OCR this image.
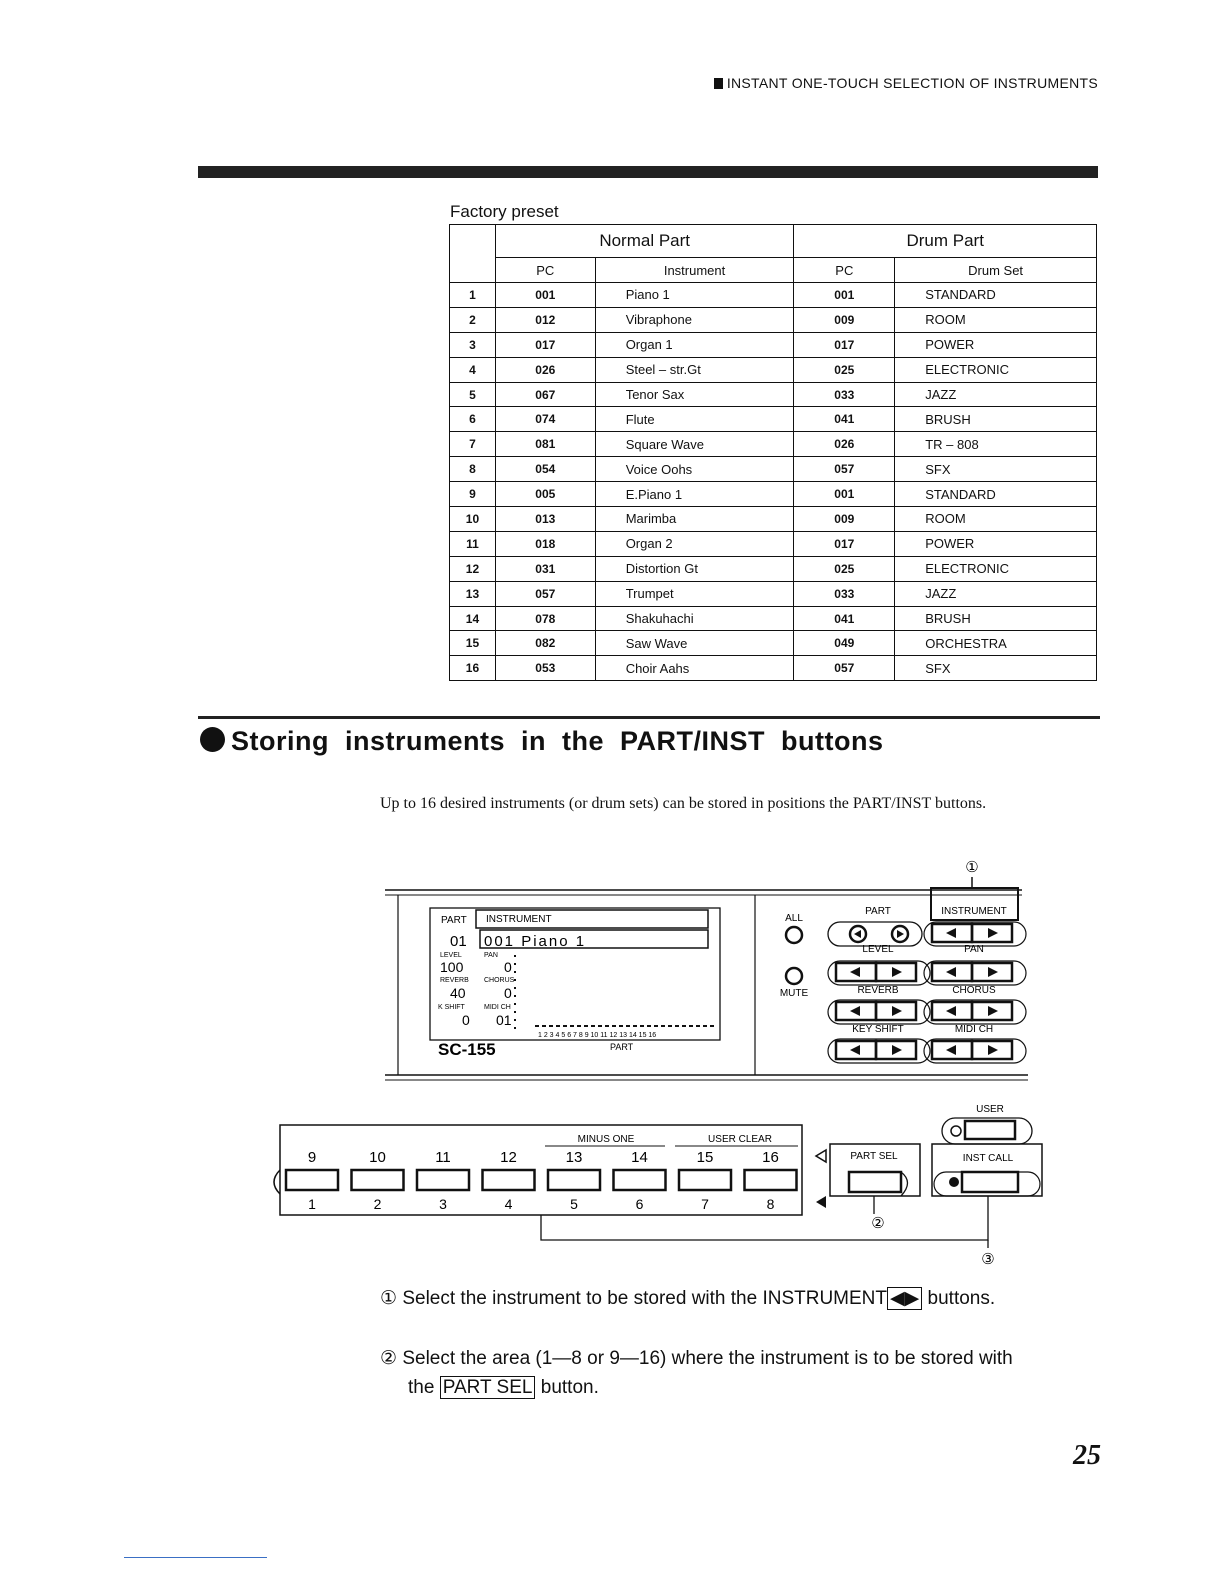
INSTANT ONE-TOUCH SELECTION OF INSTRUMENTS
Factory preset
	Normal Part		Drum Part	
	PC	Instrument	PC	Drum Set
1	001	Piano 1	001	STANDARD
2	012	Vibraphone	009	ROOM
3	017	Organ 1	017	POWER
4	026	Steel – str.Gt	025	ELECTRONIC
5	067	Tenor Sax	033	JAZZ
6	074	Flute	041	BRUSH
7	081	Square Wave	026	TR – 808
8	054	Voice Oohs	057	SFX
9	005	E.Piano 1	001	STANDARD
10	013	Marimba	009	ROOM
11	018	Organ 2	017	POWER
12	031	Distortion Gt	025	ELECTRONIC
13	057	Trumpet	033	JAZZ
14	078	Shakuhachi	041	BRUSH
15	082	Saw Wave	049	ORCHESTRA
16	053	Choir Aahs	057	SFX
Storing instruments in the PART/INST buttons
Up to 16 desired instruments (or drum sets) can be stored in positions the PART/INST buttons.
①
PART INSTRUMENT
01 001 Piano 1
LEVEL	PAN
100	0
REVERB CHORUS
40	0
K SHIFT	MIDI CH
0 01
1 2 3 4 5 6 7 8 9 10 11 12 13 14 15 16
SC-155	PART
ALL
MUTE
PART	INSTRUMENT
LEVEL	PAN
REVERB	CHORUS
KEY SHIFT	MIDI CH
USER
MINUS ONE	USER CLEAR
9
1
10
2
11
3
12
4
13
5
14
6
15
7
16
8
PART SEL
②
INST CALL
③
① Select the instrument to be stored with the INSTRUMENT ◀▶ buttons.
② Select the area (1—8 or 9—16) where the instrument is to be stored with
the PART SEL button.
25
